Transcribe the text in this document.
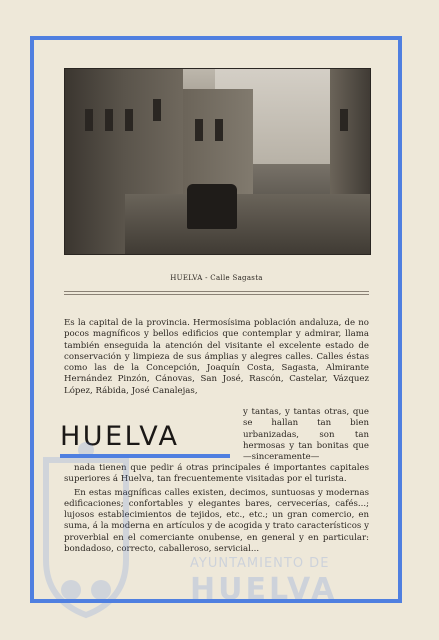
HUELVA - Calle Sagasta

Es la capital de la provincia. Hermosísima población andaluza, de no pocos magníficos y bellos edificios que contemplar y admirar, llama también enseguida la atención del visitante el excelente estado de conservación y limpieza de sus ámplias y alegres calles. Calles éstas como las de la Concepción, Joaquín Costa, Sagasta, Almirante Hernández Pinzón, Cánovas, San José, Rascón, Castelar, Vázquez López, Rábida, José Canalejas,

HUELVA

y tantas, y tantas otras, que se hallan tan bien urbanizadas, son tan hermosas y tan bonitas que—sinceramente—

nada tienen que pedir á otras principales é importantes capitales superiores á Huelva, tan frecuentemente visitadas por el turista.

En estas magníficas calles existen, decimos, suntuosas y modernas edificaciones; confortables y elegantes bares, cervecerías, cafés...; lujosos establecimientos de tejidos, etc., etc.; un gran comercio, en suma, á la moderna en artículos y de acogida y trato característicos y proverbial en el comerciante onubense, en general y en particular: bondadoso, correcto, caballeroso, servicial...

AYUNTAMIENTO DE
HUELVA
